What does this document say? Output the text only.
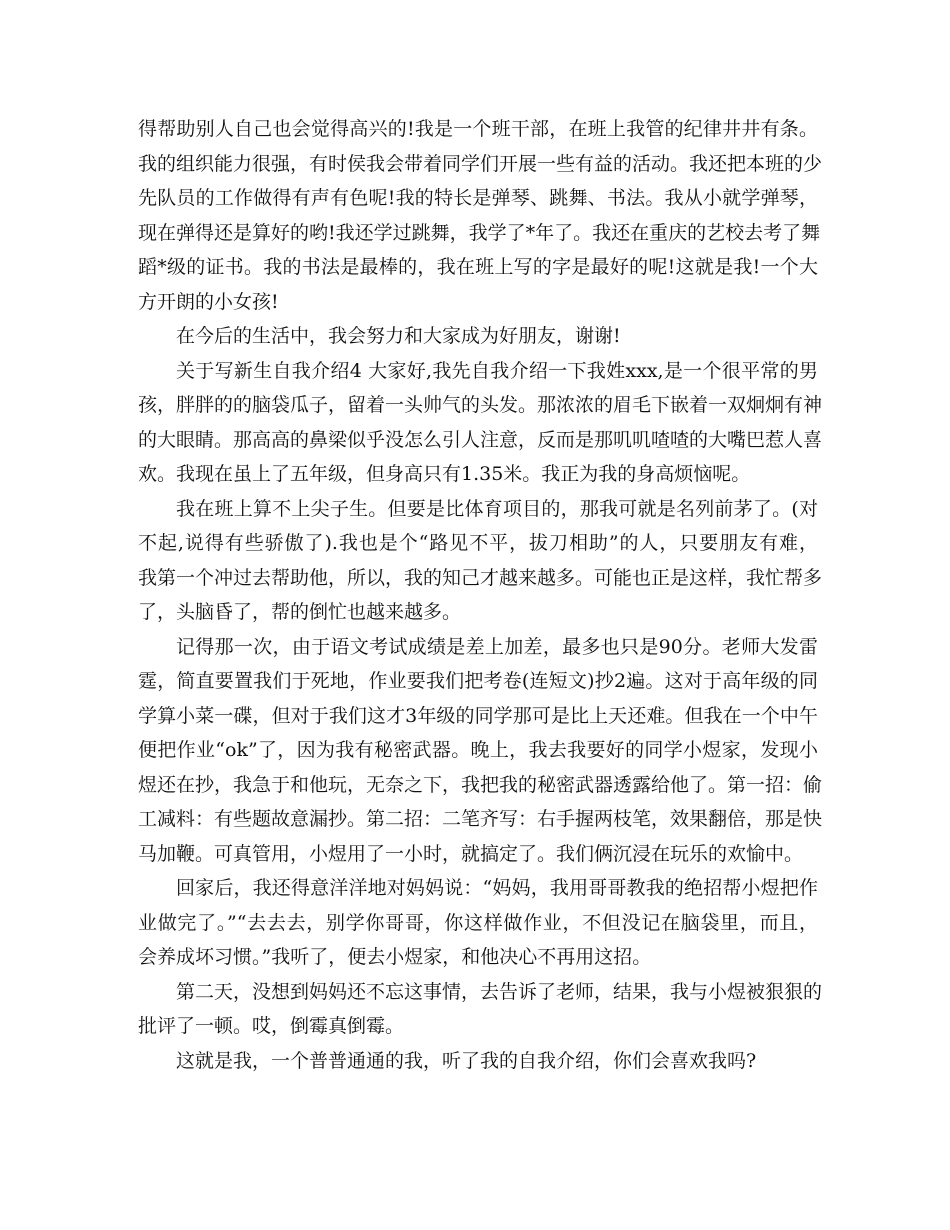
得帮助别人自己也会觉得高兴的!我是一个班干部，在班上我管的纪律井井有条。
我的组织能力很强，有时侯我会带着同学们开展一些有益的活动。我还把本班的少
先队员的工作做得有声有色呢!我的特长是弹琴、跳舞、书法。我从小就学弹琴，
现在弹得还是算好的哟!我还学过跳舞，我学了*年了。我还在重庆的艺校去考了舞
蹈*级的证书。我的书法是最棒的，我在班上写的字是最好的呢!这就是我!一个大
方开朗的小女孩!
在今后的生活中，我会努力和大家成为好朋友，谢谢!
关于写新生自我介绍4 大家好,我先自我介绍一下我姓xxx,是一个很平常的男
孩，胖胖的的脑袋瓜子，留着一头帅气的头发。那浓浓的眉毛下嵌着一双炯炯有神
的大眼睛。那高高的鼻梁似乎没怎么引人注意，反而是那叽叽喳喳的大嘴巴惹人喜
欢。我现在虽上了五年级，但身高只有1.35米。我正为我的身高烦恼呢。
我在班上算不上尖子生。但要是比体育项目的，那我可就是名列前茅了。(对
不起,说得有些骄傲了).我也是个“路见不平，拔刀相助”的人，只要朋友有难，
我第一个冲过去帮助他，所以，我的知己才越来越多。可能也正是这样，我忙帮多
了，头脑昏了，帮的倒忙也越来越多。
记得那一次，由于语文考试成绩是差上加差，最多也只是90分。老师大发雷
霆，简直要置我们于死地，作业要我们把考卷(连短文)抄2遍。这对于高年级的同
学算小菜一碟，但对于我们这才3年级的同学那可是比上天还难。但我在一个中午
便把作业“ok”了，因为我有秘密武器。晚上，我去我要好的同学小煜家，发现小
煜还在抄，我急于和他玩，无奈之下，我把我的秘密武器透露给他了。第一招：偷
工减料：有些题故意漏抄。第二招：二笔齐写：右手握两枝笔，效果翻倍，那是快
马加鞭。可真管用，小煜用了一小时，就搞定了。我们俩沉浸在玩乐的欢愉中。
回家后，我还得意洋洋地对妈妈说：“妈妈，我用哥哥教我的绝招帮小煜把作
业做完了。”“去去去，别学你哥哥，你这样做作业，不但没记在脑袋里，而且，
会养成坏习惯。”我听了，便去小煜家，和他决心不再用这招。
第二天，没想到妈妈还不忘这事情，去告诉了老师，结果，我与小煜被狠狠的
批评了一顿。哎，倒霉真倒霉。
这就是我，一个普普通通的我，听了我的自我介绍，你们会喜欢我吗?
